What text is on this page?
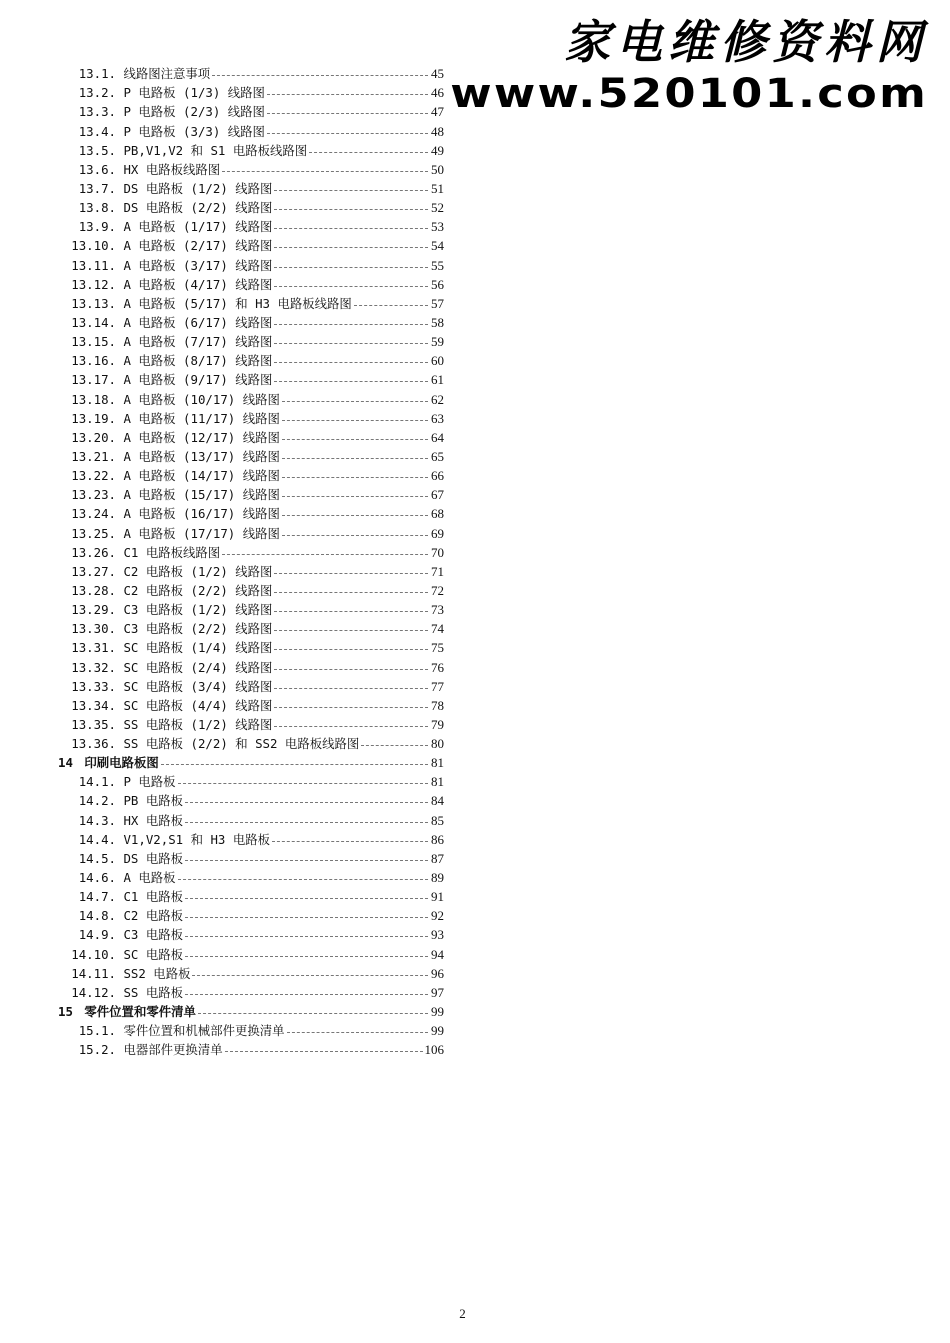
家电维修资料网
www.520101.com
13.1. 线路图注意事项	45
13.2. P 电路板 (1/3) 线路图	46
13.3. P 电路板 (2/3) 线路图	47
13.4. P 电路板 (3/3) 线路图	48
13.5. PB,V1,V2 和 S1 电路板线路图	49
13.6. HX 电路板线路图	50
13.7. DS 电路板 (1/2) 线路图	51
13.8. DS 电路板 (2/2) 线路图	52
13.9. A 电路板 (1/17) 线路图	53
13.10. A 电路板 (2/17) 线路图	54
13.11. A 电路板 (3/17) 线路图	55
13.12. A 电路板 (4/17) 线路图	56
13.13. A 电路板 (5/17) 和 H3 电路板线路图	57
13.14. A 电路板 (6/17) 线路图	58
13.15. A 电路板 (7/17) 线路图	59
13.16. A 电路板 (8/17) 线路图	60
13.17. A 电路板 (9/17) 线路图	61
13.18. A 电路板 (10/17) 线路图	62
13.19. A 电路板 (11/17) 线路图	63
13.20. A 电路板 (12/17) 线路图	64
13.21. A 电路板 (13/17) 线路图	65
13.22. A 电路板 (14/17) 线路图	66
13.23. A 电路板 (15/17) 线路图	67
13.24. A 电路板 (16/17) 线路图	68
13.25. A 电路板 (17/17) 线路图	69
13.26. C1 电路板线路图	70
13.27. C2 电路板 (1/2) 线路图	71
13.28. C2 电路板 (2/2) 线路图	72
13.29. C3 电路板 (1/2) 线路图	73
13.30. C3 电路板 (2/2) 线路图	74
13.31. SC 电路板 (1/4) 线路图	75
13.32. SC 电路板 (2/4) 线路图	76
13.33. SC 电路板 (3/4) 线路图	77
13.34. SC 电路板 (4/4) 线路图	78
13.35. SS 电路板 (1/2) 线路图	79
13.36. SS 电路板 (2/2) 和 SS2 电路板线路图	80
14 印刷电路板图	81
14.1. P 电路板	81
14.2. PB 电路板	84
14.3. HX 电路板	85
14.4. V1,V2,S1 和 H3 电路板	86
14.5. DS 电路板	87
14.6. A 电路板	89
14.7. C1 电路板	91
14.8. C2 电路板	92
14.9. C3 电路板	93
14.10. SC 电路板	94
14.11. SS2 电路板	96
14.12. SS 电路板	97
15 零件位置和零件清单	99
15.1. 零件位置和机械部件更换清单	99
15.2. 电器部件更换清单	106
2
